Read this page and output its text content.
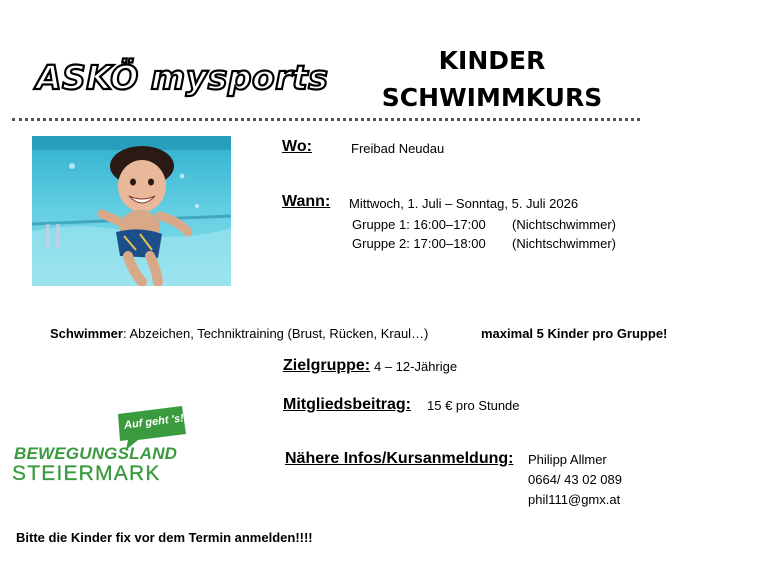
ASKÖ mysports	KINDER
SCHWIMMKURS
Wo:	Freibad Neudau
Wann: Mittwoch, 1. Juli – Sonntag, 5. Juli 2026
Gruppe 1: 16:00–17:00 (Nichtschwimmer)
Gruppe 2: 17:00–18:00 (Nichtschwimmer)
Schwimmer: Abzeichen, Techniktraining (Brust, Rücken, Kraul…)	maximal 5 Kinder pro Gruppe!
Zielgruppe: 4 – 12-Jährige
Mitgliedsbeitrag: 15 € pro Stunde
Nähere Infos/Kursanmeldung: Philipp Allmer
0664/ 43 02 089
phil111@gmx.at
Auf geht 's!
BEWEGUNGSLAND
STEIERMARK
Bitte die Kinder fix vor dem Termin anmelden!!!!
